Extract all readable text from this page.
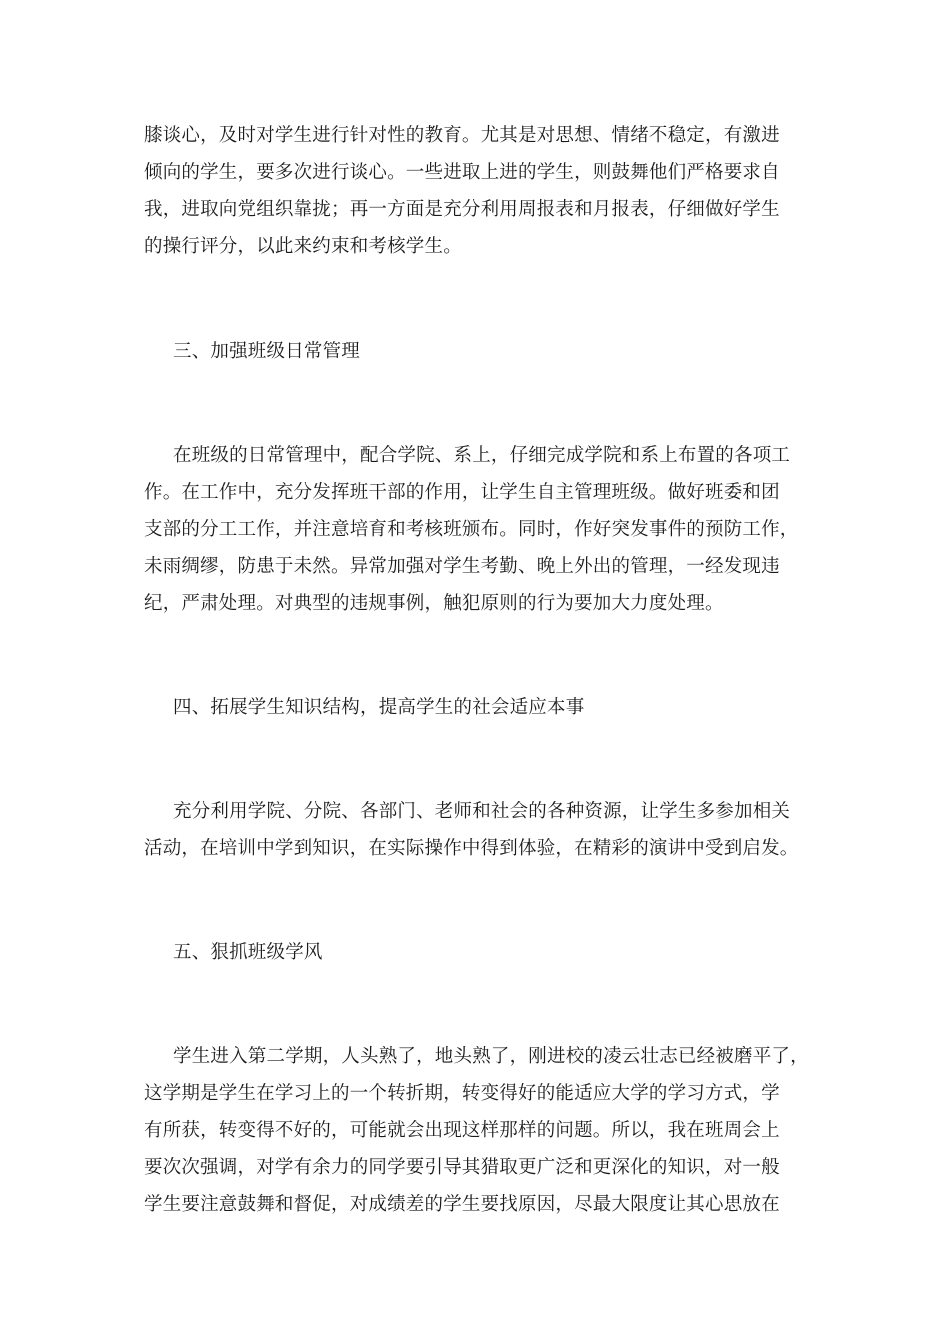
膝谈心，及时对学生进行针对性的教育。尤其是对思想、情绪不稳定，有激进
倾向的学生，要多次进行谈心。一些进取上进的学生，则鼓舞他们严格要求自
我，进取向党组织靠拢；再一方面是充分利用周报表和月报表，仔细做好学生
的操行评分，以此来约束和考核学生。
三、加强班级日常管理
在班级的日常管理中，配合学院、系上，仔细完成学院和系上布置的各项工
作。在工作中，充分发挥班干部的作用，让学生自主管理班级。做好班委和团
支部的分工工作，并注意培育和考核班颁布。同时，作好突发事件的预防工作，
未雨绸缪，防患于未然。异常加强对学生考勤、晚上外出的管理，一经发现违
纪，严肃处理。对典型的违规事例，触犯原则的行为要加大力度处理。
四、拓展学生知识结构，提高学生的社会适应本事
充分利用学院、分院、各部门、老师和社会的各种资源，让学生多参加相关
活动，在培训中学到知识，在实际操作中得到体验，在精彩的演讲中受到启发。
五、狠抓班级学风
学生进入第二学期，人头熟了，地头熟了，刚进校的凌云壮志已经被磨平了，
这学期是学生在学习上的一个转折期，转变得好的能适应大学的学习方式，学
有所获，转变得不好的，可能就会出现这样那样的问题。所以，我在班周会上
要次次强调，对学有余力的同学要引导其猎取更广泛和更深化的知识，对一般
学生要注意鼓舞和督促，对成绩差的学生要找原因，尽最大限度让其心思放在
